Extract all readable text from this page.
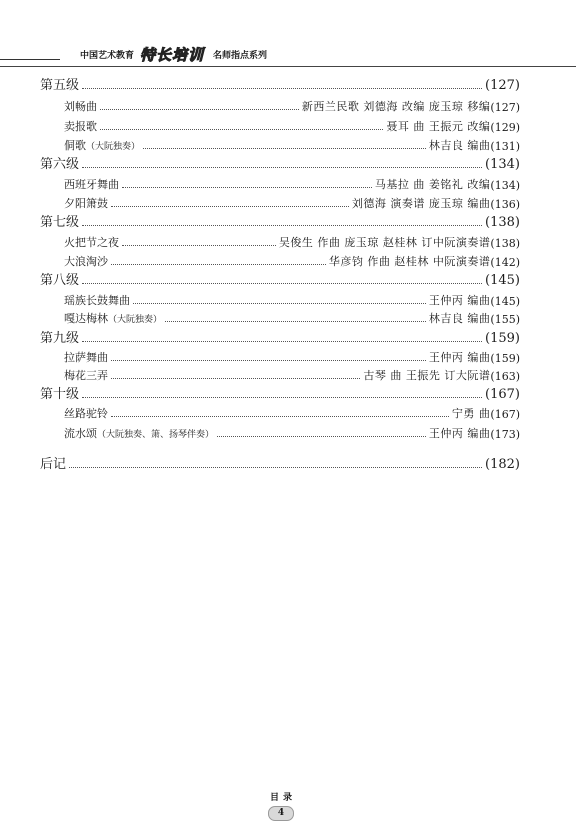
中国艺术教育 特长培训 名师指点系列
第五级	(127)
刘畅曲	新西兰民歌 刘德海 改编 庞玉琼 移编 (127)
卖报歌	聂耳 曲 王振元 改编 (129)
侗歌（大阮独奏）	林吉良 编曲 (131)
第六级	(134)
西班牙舞曲	马基拉 曲 姜铭礼 改编 (134)
夕阳箫鼓	刘德海 演奏谱 庞玉琼 编曲 (136)
第七级	(138)
火把节之夜	吴俊生 作曲 庞玉琼 赵桂林 订中阮演奏谱 (138)
大浪淘沙	华彦钧 作曲 赵桂林 中阮演奏谱 (142)
第八级	(145)
瑶族长鼓舞曲	王仲丙 编曲 (145)
嘎达梅林（大阮独奏）	林吉良 编曲 (155)
第九级	(159)
拉萨舞曲	王仲丙 编曲 (159)
梅花三弄	古琴 曲 王振先 订大阮谱 (163)
第十级	(167)
丝路驼铃	宁勇 曲 (167)
流水颂（大阮独奏、箫、扬琴伴奏）	王仲丙 编曲 (173)
后记	(182)
目录
4
